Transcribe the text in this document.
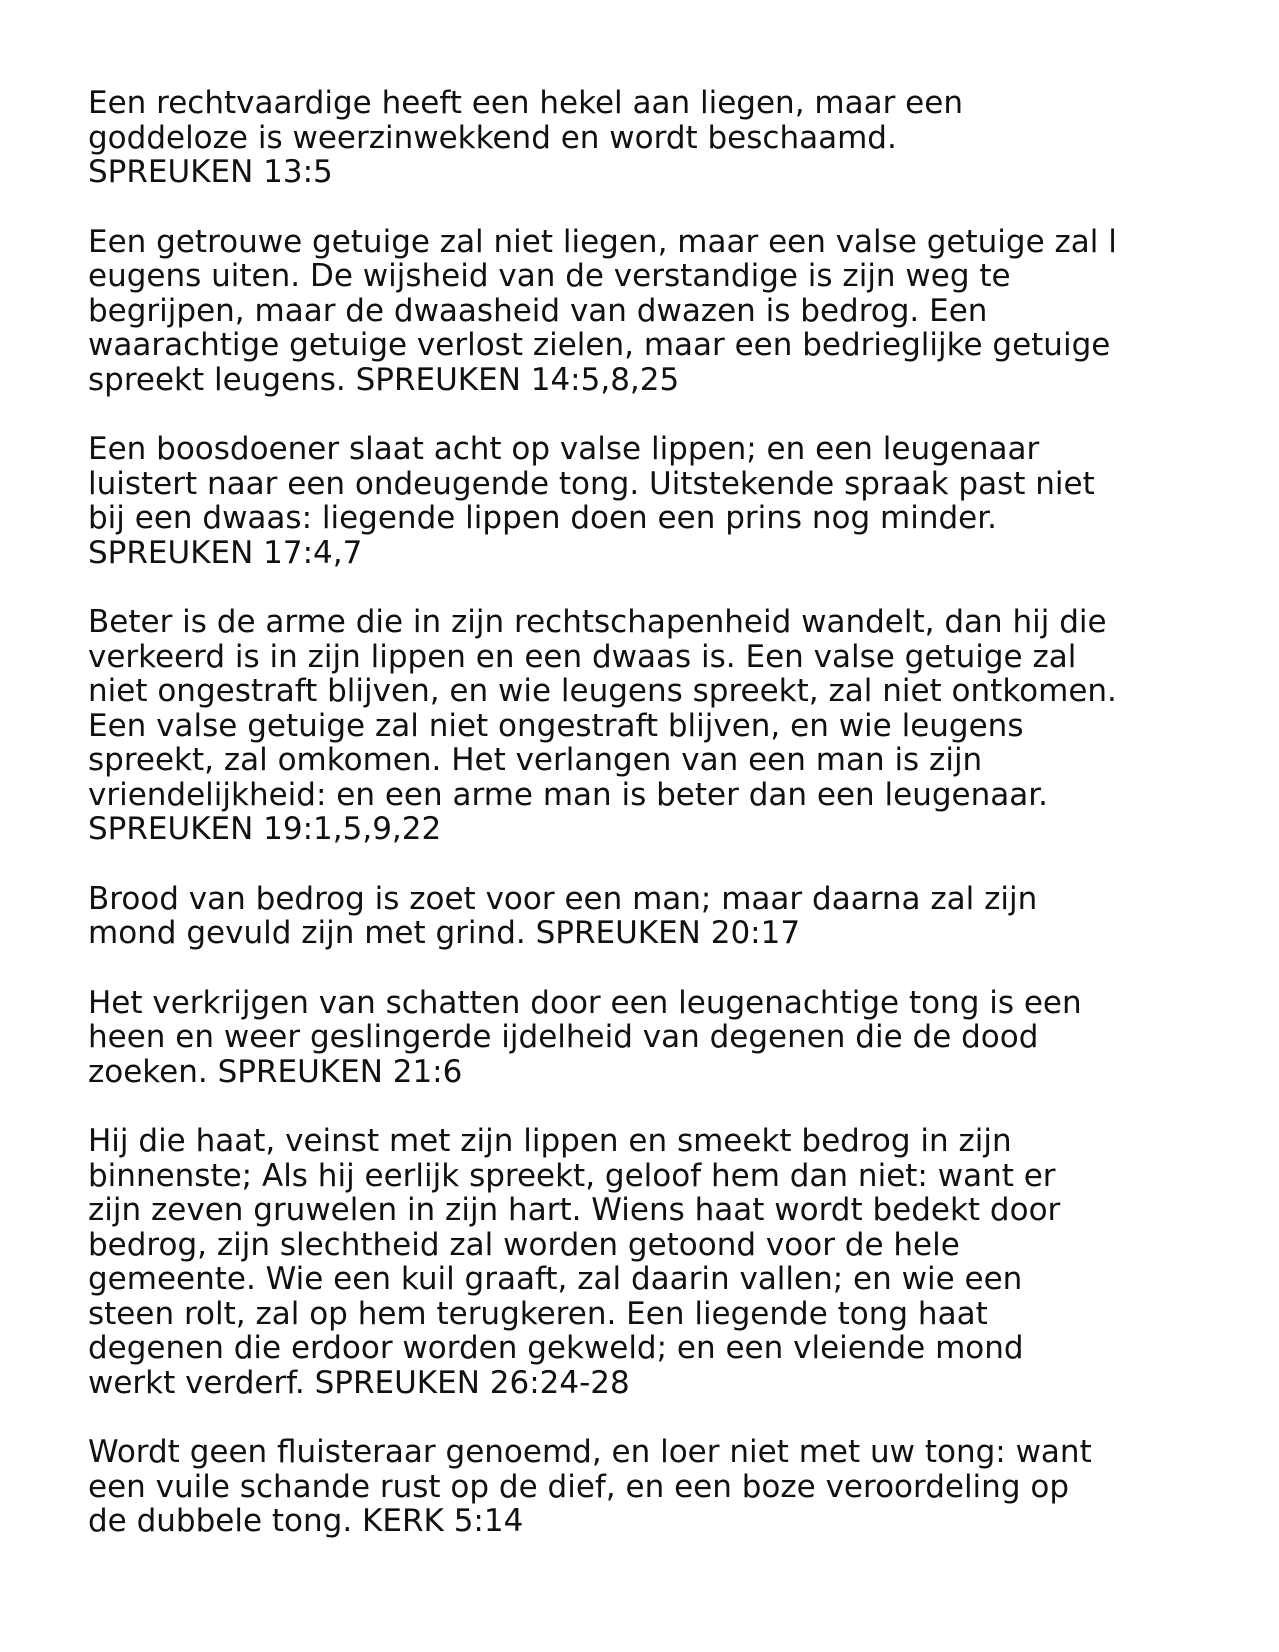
Een rechtvaardige heeft een hekel aan liegen, maar een
goddeloze is weerzinwekkend en wordt beschaamd.
SPREUKEN 13:5
Een getrouwe getuige zal niet liegen, maar een valse getuige zal l
eugens uiten. De wijsheid van de verstandige is zijn weg te
begrijpen, maar de dwaasheid van dwazen is bedrog. Een
waarachtige getuige verlost zielen, maar een bedrieglijke getuige
spreekt leugens. SPREUKEN 14:5,8,25
Een boosdoener slaat acht op valse lippen; en een leugenaar
luistert naar een ondeugende tong. Uitstekende spraak past niet
bij een dwaas: liegende lippen doen een prins nog minder.
SPREUKEN 17:4,7
Beter is de arme die in zijn rechtschapenheid wandelt, dan hij die
verkeerd is in zijn lippen en een dwaas is. Een valse getuige zal
niet ongestraft blijven, en wie leugens spreekt, zal niet ontkomen.
Een valse getuige zal niet ongestraft blijven, en wie leugens
spreekt, zal omkomen. Het verlangen van een man is zijn
vriendelijkheid: en een arme man is beter dan een leugenaar.
SPREUKEN 19:1,5,9,22
Brood van bedrog is zoet voor een man; maar daarna zal zijn
mond gevuld zijn met grind. SPREUKEN 20:17
Het verkrijgen van schatten door een leugenachtige tong is een
heen en weer geslingerde ijdelheid van degenen die de dood
zoeken. SPREUKEN 21:6
Hij die haat, veinst met zijn lippen en smeekt bedrog in zijn
binnenste; Als hij eerlijk spreekt, geloof hem dan niet: want er
zijn zeven gruwelen in zijn hart. Wiens haat wordt bedekt door
bedrog, zijn slechtheid zal worden getoond voor de hele
gemeente. Wie een kuil graaft, zal daarin vallen; en wie een
steen rolt, zal op hem terugkeren. Een liegende tong haat
degenen die erdoor worden gekweld; en een vleiende mond
werkt verderf. SPREUKEN 26:24-28
Wordt geen fluisteraar genoemd, en loer niet met uw tong: want
een vuile schande rust op de dief, en een boze veroordeling op
de dubbele tong. KERK 5:14
